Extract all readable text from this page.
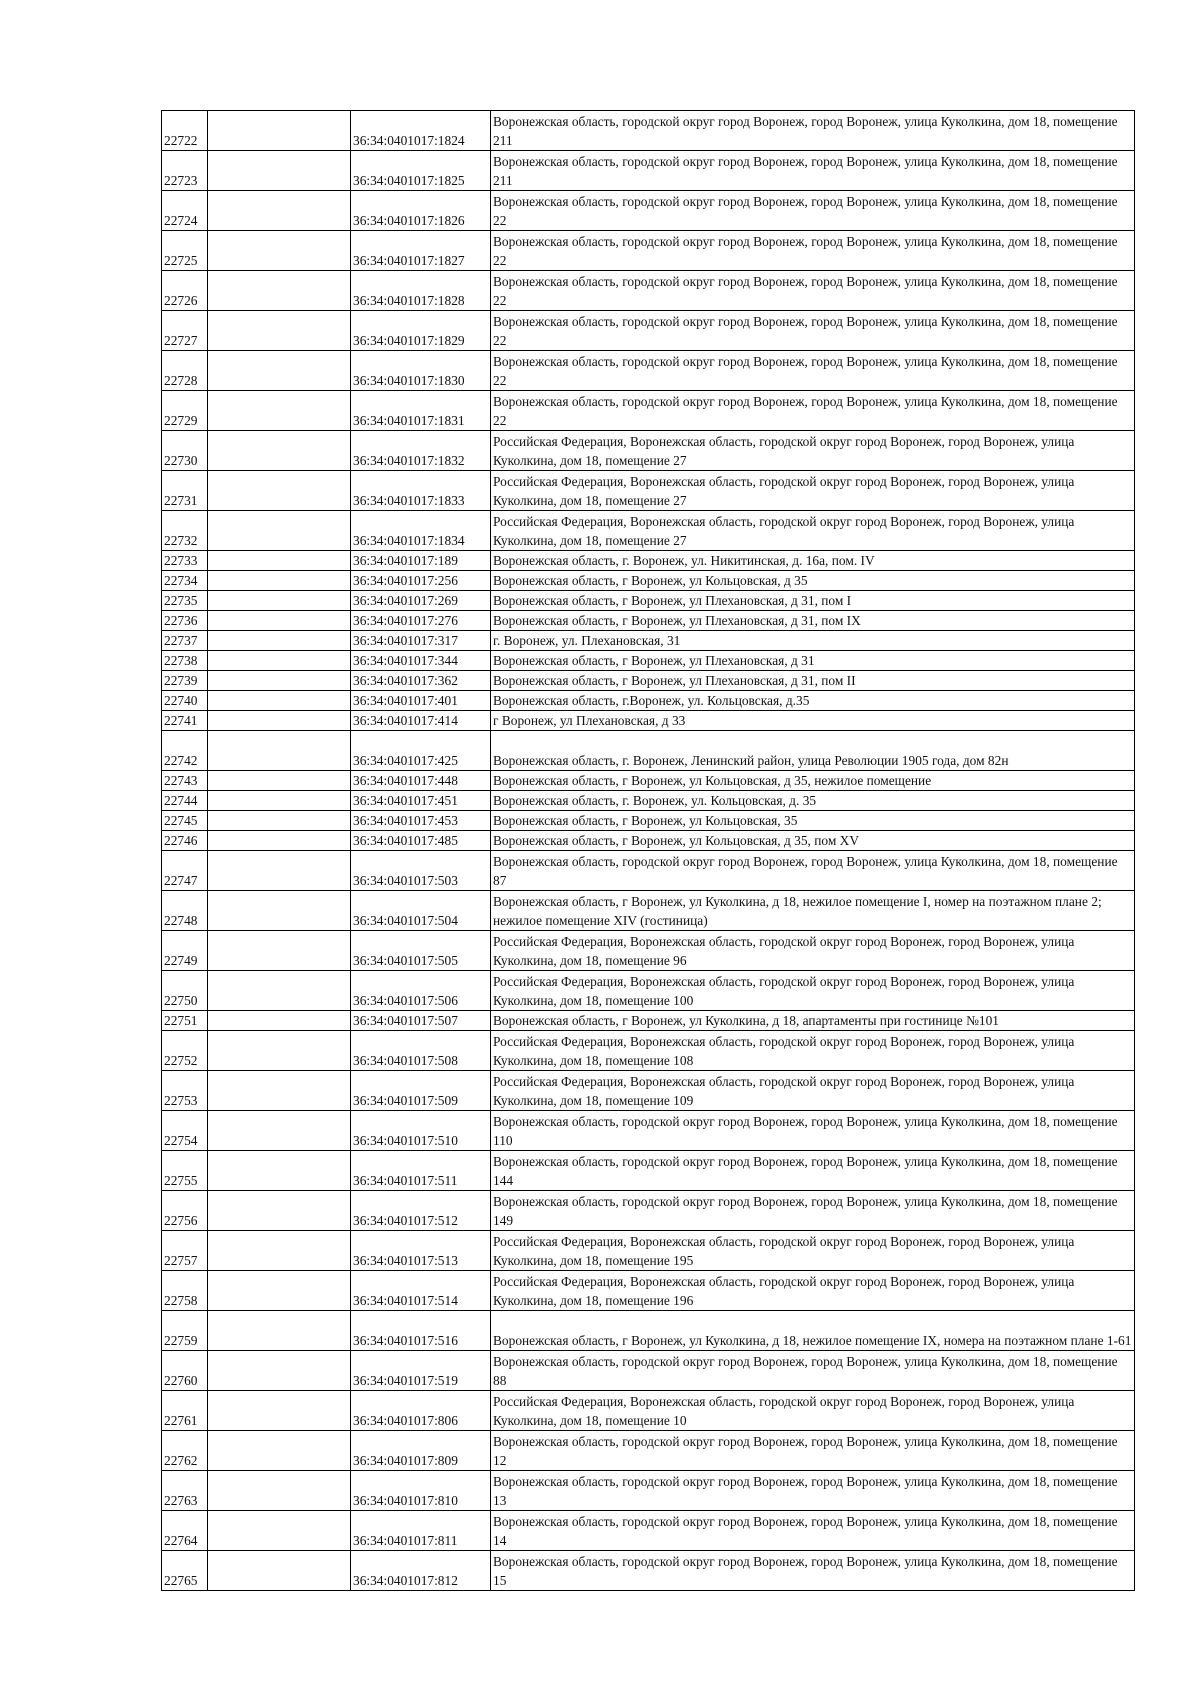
22722		36:34:0401017:1824	Воронежская область, городской округ город Воронеж, город Воронеж, улица Куколкина, дом 18, помещение 211
22723		36:34:0401017:1825	Воронежская область, городской округ город Воронеж, город Воронеж, улица Куколкина, дом 18, помещение 211
22724		36:34:0401017:1826	Воронежская область, городской округ город Воронеж, город Воронеж, улица Куколкина, дом 18, помещение 22
22725		36:34:0401017:1827	Воронежская область, городской округ город Воронеж, город Воронеж, улица Куколкина, дом 18, помещение 22
22726		36:34:0401017:1828	Воронежская область, городской округ город Воронеж, город Воронеж, улица Куколкина, дом 18, помещение 22
22727		36:34:0401017:1829	Воронежская область, городской округ город Воронеж, город Воронеж, улица Куколкина, дом 18, помещение 22
22728		36:34:0401017:1830	Воронежская область, городской округ город Воронеж, город Воронеж, улица Куколкина, дом 18, помещение 22
22729		36:34:0401017:1831	Воронежская область, городской округ город Воронеж, город Воронеж, улица Куколкина, дом 18, помещение 22
22730		36:34:0401017:1832	Российская Федерация, Воронежская область, городской округ город Воронеж, город Воронеж, улица Куколкина, дом 18, помещение 27
22731		36:34:0401017:1833	Российская Федерация, Воронежская область, городской округ город Воронеж, город Воронеж, улица Куколкина, дом 18, помещение 27
22732		36:34:0401017:1834	Российская Федерация, Воронежская область, городской округ город Воронеж, город Воронеж, улица Куколкина, дом 18, помещение 27
22733		36:34:0401017:189	Воронежская область, г. Воронеж, ул. Никитинская, д. 16а, пом. IV
22734		36:34:0401017:256	Воронежская область, г Воронеж, ул Кольцовская, д 35
22735		36:34:0401017:269	Воронежская область, г Воронеж, ул Плехановская, д 31, пом I
22736		36:34:0401017:276	Воронежская область, г Воронеж, ул Плехановская, д 31, пом IX
22737		36:34:0401017:317	г. Воронеж, ул. Плехановская, 31
22738		36:34:0401017:344	Воронежская область, г Воронеж, ул Плехановская, д 31
22739		36:34:0401017:362	Воронежская область, г Воронеж, ул Плехановская, д 31, пом II
22740		36:34:0401017:401	Воронежская область, г.Воронеж, ул. Кольцовская, д.35
22741		36:34:0401017:414	г Воронеж, ул Плехановская, д 33
22742		36:34:0401017:425	Воронежская область, г. Воронеж, Ленинский район, улица Революции 1905 года, дом 82н
22743		36:34:0401017:448	Воронежская область, г Воронеж, ул Кольцовская, д 35, нежилое помещение
22744		36:34:0401017:451	Воронежская область, г. Воронеж, ул. Кольцовская, д. 35
22745		36:34:0401017:453	Воронежская область, г Воронеж, ул Кольцовская, 35
22746		36:34:0401017:485	Воронежская область, г Воронеж, ул Кольцовская, д 35, пом XV
22747		36:34:0401017:503	Воронежская область, городской округ город Воронеж, город Воронеж, улица Куколкина, дом 18, помещение 87
22748		36:34:0401017:504	Воронежская область, г Воронеж, ул Куколкина, д 18, нежилое помещение I, номер на поэтажном плане 2; нежилое помещение XIV (гостиница)
22749		36:34:0401017:505	Российская Федерация, Воронежская область, городской округ город Воронеж, город Воронеж, улица Куколкина, дом 18, помещение 96
22750		36:34:0401017:506	Российская Федерация, Воронежская область, городской округ город Воронеж, город Воронеж, улица Куколкина, дом 18, помещение 100
22751		36:34:0401017:507	Воронежская область, г Воронеж, ул Куколкина, д 18, апартаменты при гостинице №101
22752		36:34:0401017:508	Российская Федерация, Воронежская область, городской округ город Воронеж, город Воронеж, улица Куколкина, дом 18, помещение 108
22753		36:34:0401017:509	Российская Федерация, Воронежская область, городской округ город Воронеж, город Воронеж, улица Куколкина, дом 18, помещение 109
22754		36:34:0401017:510	Воронежская область, городской округ город Воронеж, город Воронеж, улица Куколкина, дом 18, помещение 110
22755		36:34:0401017:511	Воронежская область, городской округ город Воронеж, город Воронеж, улица Куколкина, дом 18, помещение 144
22756		36:34:0401017:512	Воронежская область, городской округ город Воронеж, город Воронеж, улица Куколкина, дом 18, помещение 149
22757		36:34:0401017:513	Российская Федерация, Воронежская область, городской округ город Воронеж, город Воронеж, улица Куколкина, дом 18, помещение 195
22758		36:34:0401017:514	Российская Федерация, Воронежская область, городской округ город Воронеж, город Воронеж, улица Куколкина, дом 18, помещение 196
22759		36:34:0401017:516	Воронежская область, г Воронеж, ул Куколкина, д 18, нежилое помещение IX, номера на поэтажном плане 1-61
22760		36:34:0401017:519	Воронежская область, городской округ город Воронеж, город Воронеж, улица Куколкина, дом 18, помещение 88
22761		36:34:0401017:806	Российская Федерация, Воронежская область, городской округ город Воронеж, город Воронеж, улица Куколкина, дом 18, помещение 10
22762		36:34:0401017:809	Воронежская область, городской округ город Воронеж, город Воронеж, улица Куколкина, дом 18, помещение 12
22763		36:34:0401017:810	Воронежская область, городской округ город Воронеж, город Воронеж, улица Куколкина, дом 18, помещение 13
22764		36:34:0401017:811	Воронежская область, городской округ город Воронеж, город Воронеж, улица Куколкина, дом 18, помещение 14
22765		36:34:0401017:812	Воронежская область, городской округ город Воронеж, город Воронеж, улица Куколкина, дом 18, помещение 15
